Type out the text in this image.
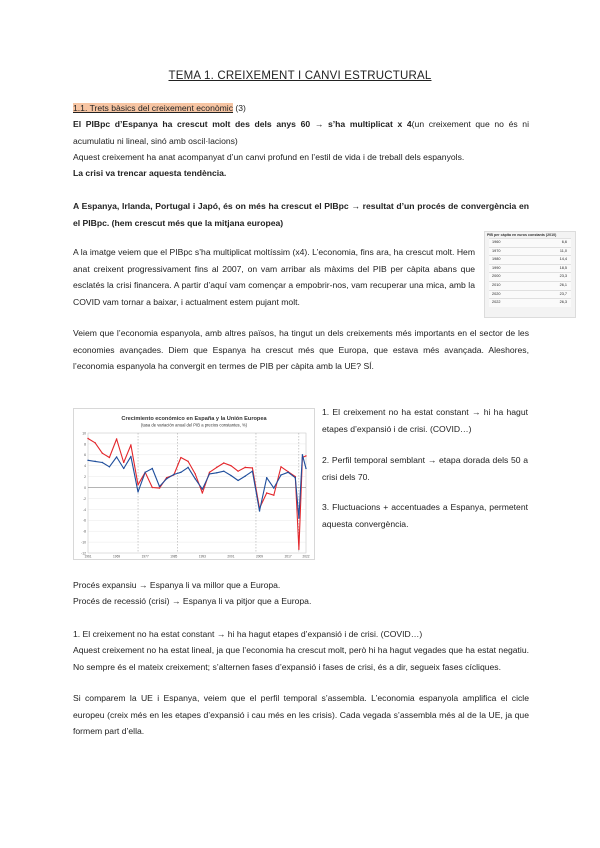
TEMA 1. CREIXEMENT I CANVI ESTRUCTURAL

1.1. Trets bàsics del creixement econòmic (3)

El PIBpc d’Espanya ha crescut molt des dels anys 60 → s’ha multiplicat x 4(un creixement que no és ni acumulatiu ni lineal, sinó amb oscil·lacions)

Aquest creixement ha anat acompanyat d’un canvi profund en l’estil de vida i de treball dels espanyols.

La crisi va trencar aquesta tendència.

A Espanya, Irlanda, Portugal i Japó, és on més ha crescut el PIBpc → resultat d’un procés de convergència en el PIBpc. (hem crescut més que la mitjana europea)

A la imatge veiem que el PIBpc s’ha multiplicat moltíssim (x4). L’economia, fins ara, ha crescut molt. Hem anat creixent progressivament fins al 2007, on vam arribar als màxims del PIB per càpita abans que esclatés la crisi financera. A partir d’aquí vam començar a empobrir-nos, vam recuperar una mica, amb la COVID vam tornar a baixar, i actualment estem pujant molt.

PIB per càpita en euros constants (2010)
1960	6,6
1970	11,0
1980	14,4
1990	18,5
2000	23,3
2010	26,1
2020	23,7
2022	26,3

Veiem que l’economia espanyola, amb altres països, ha tingut un dels creixements més importants en el sector de les economies avançades. Diem que Espanya ha crescut més que Europa, que estava més avançada. Aleshores, l’economia espanyola ha convergit en termes de PIB per càpita amb la UE? SÍ.

Crecimiento económico en España y la Unión Europea
(tasa de variación anual del PIB a precios constantes, %)
-12
-10
-8
-6
-4
-2
0
2
4
6
8
10
1961	1969	1977	1985	1993	2001	2009	2017	2022

1. El creixement no ha estat constant → hi ha hagut etapes d’expansió i de crisi. (COVID…)

2. Perfil temporal semblant → etapa dorada dels 50 a crisi dels 70.

3. Fluctuacions + accentuades a Espanya, permetent aquesta convergència.

Procés expansiu → Espanya li va millor que a Europa.

Procés de recessió (crisi) → Espanya li va pitjor que a Europa.

1. El creixement no ha estat constant → hi ha hagut etapes d’expansió i de crisi. (COVID…)

Aquest creixement no ha estat lineal, ja que l’economia ha crescut molt, però hi ha hagut vegades que ha estat negatiu. No sempre és el mateix creixement; s’alternen fases d’expansió i fases de crisi, és a dir, segueix fases cícliques.

Si comparem la UE i Espanya, veiem que el perfil temporal s’assembla. L’economia espanyola amplifica el cicle europeu (creix més en les etapes d’expansió i cau més en les crisis). Cada vegada s’assembla més al de la UE, ja que formem part d’ella.
